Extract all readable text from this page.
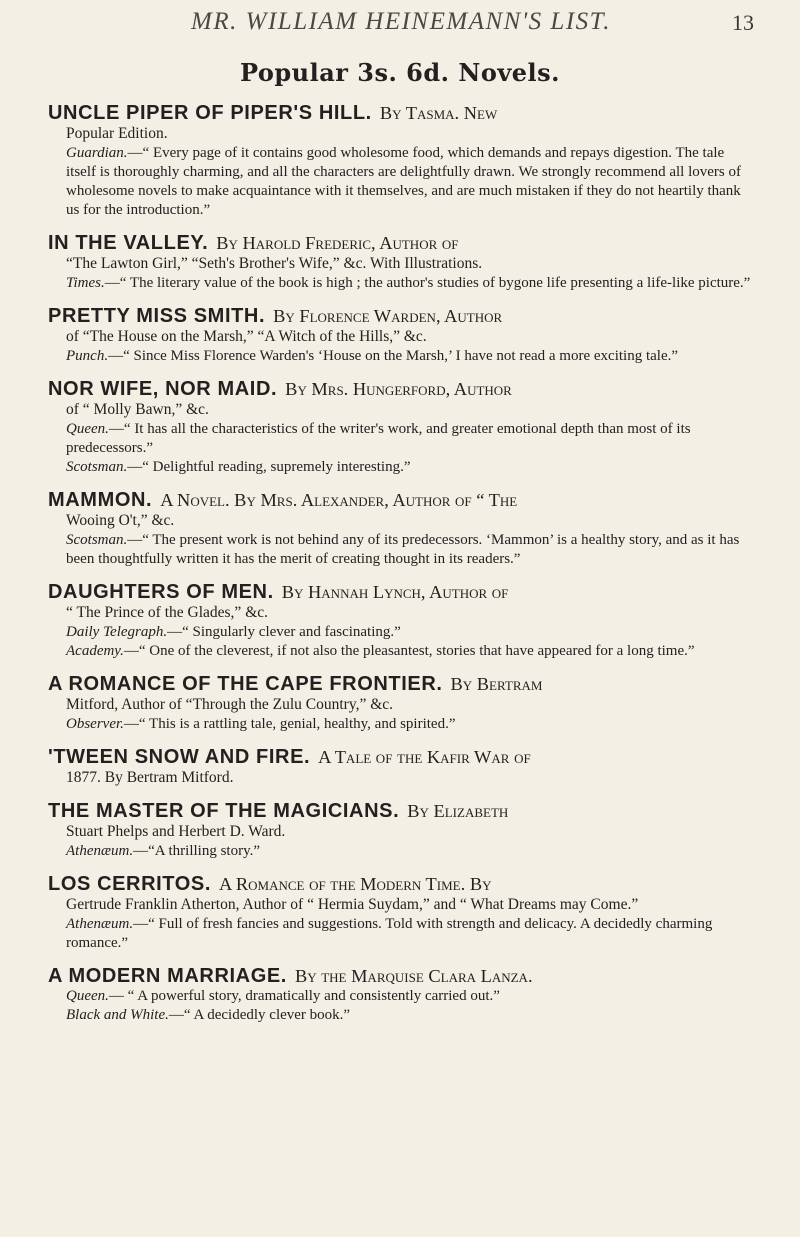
MR. WILLIAM HEINEMANN'S LIST.	13
Popular 3s. 6d. Novels.
UNCLE PIPER OF PIPER'S HILL. By Tasma. New
Popular Edition.
Guardian.—“ Every page of it contains good wholesome food, which demands and repays digestion. The tale itself is thoroughly charming, and all the characters are delightfully drawn. We strongly recommend all lovers of wholesome novels to make acquaintance with it themselves, and are much mistaken if they do not heartily thank us for the introduction.”
IN THE VALLEY. By Harold Frederic, Author of
“The Lawton Girl,” “Seth's Brother's Wife,” &c. With Illustrations.
Times.—“ The literary value of the book is high ; the author's studies of bygone life presenting a life-like picture.”
PRETTY MISS SMITH. By Florence Warden, Author
of “The House on the Marsh,” “A Witch of the Hills,” &c.
Punch.—“ Since Miss Florence Warden's ‘House on the Marsh,’ I have not read a more exciting tale.”
NOR WIFE, NOR MAID. By Mrs. Hungerford, Author
of “ Molly Bawn,” &c.
Queen.—“ It has all the characteristics of the writer's work, and greater emotional depth than most of its predecessors.”
Scotsman.—“ Delightful reading, supremely interesting.”
MAMMON. A Novel. By Mrs. Alexander, Author of “ The
Wooing O't,” &c.
Scotsman.—“ The present work is not behind any of its predecessors. ‘Mammon’ is a healthy story, and as it has been thoughtfully written it has the merit of creating thought in its readers.”
DAUGHTERS OF MEN. By Hannah Lynch, Author of
“ The Prince of the Glades,” &c.
Daily Telegraph.—“ Singularly clever and fascinating.”
Academy.—“ One of the cleverest, if not also the pleasantest, stories that have appeared for a long time.”
A ROMANCE OF THE CAPE FRONTIER. By Bertram
Mitford, Author of “Through the Zulu Country,” &c.
Observer.—“ This is a rattling tale, genial, healthy, and spirited.”
'TWEEN SNOW AND FIRE. A Tale of the Kafir War of
1877. By Bertram Mitford.
THE MASTER OF THE MAGICIANS. By Elizabeth
Stuart Phelps and Herbert D. Ward.
Athenæum.—“A thrilling story.”
LOS CERRITOS. A Romance of the Modern Time. By
Gertrude Franklin Atherton, Author of “ Hermia Suydam,” and “ What Dreams may Come.”
Athenæum.—“ Full of fresh fancies and suggestions. Told with strength and delicacy. A decidedly charming romance.”
A MODERN MARRIAGE. By the Marquise Clara Lanza.
Queen.— “ A powerful story, dramatically and consistently carried out.”
Black and White.—“ A decidedly clever book.”
